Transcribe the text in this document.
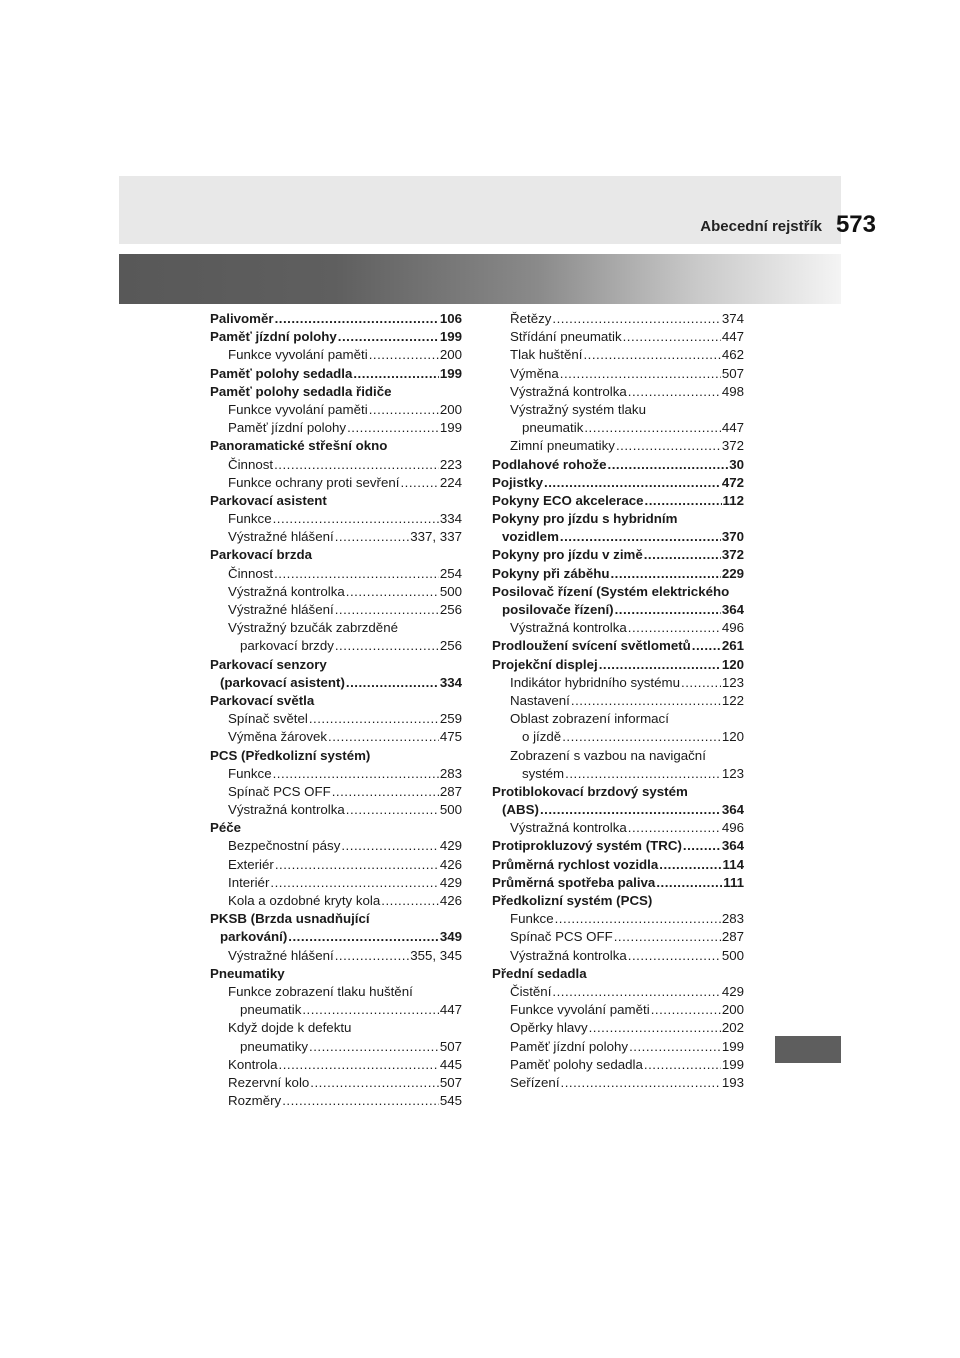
Abecední rejstřík 573
Palivoměr .....	106
Paměť jízdní polohy .....	199
Funkce vyvolání paměti .....	200
Paměť polohy sedadla .....	199
Paměť polohy sedadla řidiče
Funkce vyvolání paměti .....	200
Paměť jízdní polohy .....	199
Panoramatické střešní okno
Činnost .....	223
Funkce ochrany proti sevření .....	224
Parkovací asistent
Funkce .....	334
Výstražné hlášení .....	337, 337
Parkovací brzda
Činnost .....	254
Výstražná kontrolka .....	500
Výstražné hlášení .....	256
Výstražný bzučák zabrzděné
parkovací brzdy .....	256
Parkovací senzory
(parkovací asistent) .....	334
Parkovací světla
Spínač světel .....	259
Výměna žárovek .....	475
PCS (Předkolizní systém)
Funkce .....	283
Spínač PCS OFF .....	287
Výstražná kontrolka .....	500
Péče
Bezpečnostní pásy .....	429
Exteriér .....	426
Interiér .....	429
Kola a ozdobné kryty kola .....	426
PKSB (Brzda usnadňující
parkování) .....	349
Výstražné hlášení .....	355, 345
Pneumatiky
Funkce zobrazení tlaku huštění
pneumatik .....	447
Když dojde k defektu
pneumatiky .....	507
Kontrola .....	445
Rezervní kolo .....	507
Rozměry .....	545
Řetězy .....	374
Střídání pneumatik .....	447
Tlak huštění .....	462
Výměna .....	507
Výstražná kontrolka .....	498
Výstražný systém tlaku
pneumatik .....	447
Zimní pneumatiky .....	372
Podlahové rohože .....	30
Pojistky .....	472
Pokyny ECO akcelerace .....	112
Pokyny pro jízdu s hybridním
vozidlem .....	370
Pokyny pro jízdu v zimě .....	372
Pokyny při záběhu .....	229
Posilovač řízení (Systém elektrického
posilovače řízení) .....	364
Výstražná kontrolka .....	496
Prodloužení svícení světlometů ..... 261
Projekční displej .....	120
Indikátor hybridního systému .....	123
Nastavení .....	122
Oblast zobrazení informací
o jízdě .....	120
Zobrazení s vazbou na navigační
systém .....	123
Protiblokovací brzdový systém
(ABS) .....	364
Výstražná kontrolka .....	496
Protiprokluzový systém (TRC) .....	364
Průměrná rychlost vozidla .....	114
Průměrná spotřeba paliva .....	111
Předkolizní systém (PCS)
Funkce .....	283
Spínač PCS OFF .....	287
Výstražná kontrolka .....	500
Přední sedadla
Čistění .....	429
Funkce vyvolání paměti .....	200
Opěrky hlavy .....	202
Paměť jízdní polohy .....	199
Paměť polohy sedadla .....	199
Seřízení .....	193
